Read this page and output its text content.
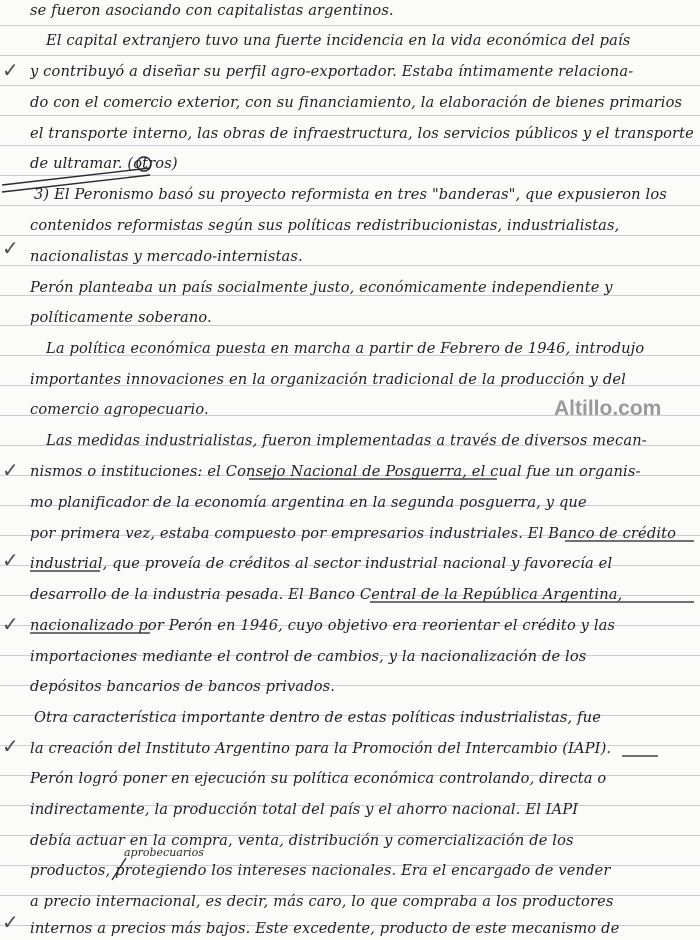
se fueron asociando con capitalistas argentinos.
El capital extranjero tuvo una fuerte incidencia en la vida económica del país
y contribuyó a diseñar su perfil agro-exportador. Estaba íntimamente relaciona-
do con el comercio exterior, con su financiamiento, la elaboración de bienes primarios
el transporte interno, las obras de infraestructura, los servicios públicos y el transporte
de ultramar. (otros)
3) El Peronismo basó su proyecto reformista en tres "banderas", que expusieron los
contenidos reformistas según sus políticas redistribucionistas, industrialistas,
nacionalistas y mercado-internistas.
Perón planteaba un país socialmente justo, económicamente independiente y
políticamente soberano.
La política económica puesta en marcha a partir de Febrero de 1946, introdujo
importantes innovaciones en la organización tradicional de la producción y del
comercio agropecuario.
Las medidas industrialistas, fueron implementadas a través de diversos mecan-
nismos o instituciones: el Consejo Nacional de Posguerra, el cual fue un organis-
mo planificador de la economía argentina en la segunda posguerra, y que
por primera vez, estaba compuesto por empresarios industriales. El Banco de crédito
industrial, que proveía de créditos al sector industrial nacional y favorecía el
desarrollo de la industria pesada. El Banco Central de la República Argentina,
nacionalizado por Perón en 1946, cuyo objetivo era reorientar el crédito y las
importaciones mediante el control de cambios, y la nacionalización de los
depósitos bancarios de bancos privados.
Otra característica importante dentro de estas políticas industrialistas, fue
la creación del Instituto Argentino para la Promoción del Intercambio (IAPI).
Perón logró poner en ejecución su política económica controlando, directa o
indirectamente, la producción total del país y el ahorro nacional. El IAPI
debía actuar en la compra, venta, distribución y comercialización de los
productos, protegiendo los intereses nacionales. Era el encargado de vender
a precio internacional, es decir, más caro, lo que compraba a los productores
internos a precios más bajos. Este excedente, producto de este mecanismo de
aprobecuarios
✓
✓
✓
✓
✓
✓
✓
Altillo.com
